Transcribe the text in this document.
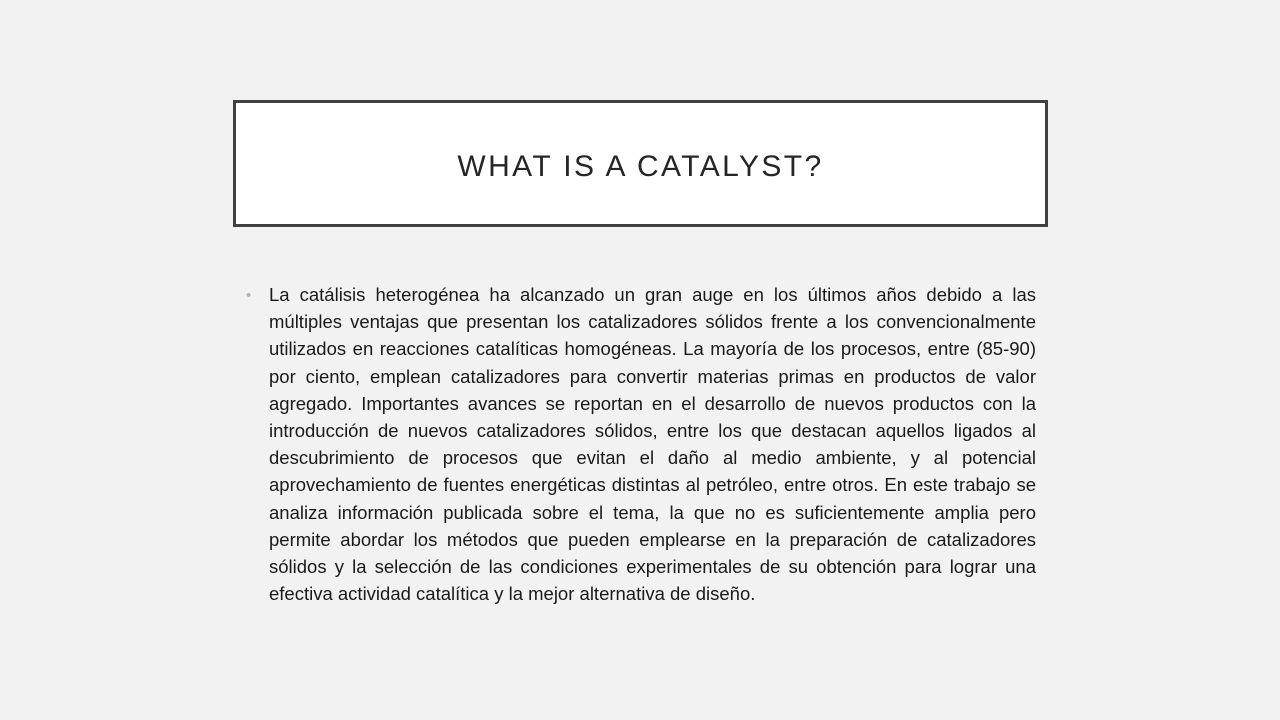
WHAT IS A CATALYST?
• La catálisis heterogénea ha alcanzado un gran auge en los últimos años debido a las múltiples ventajas que presentan los catalizadores sólidos frente a los convencionalmente utilizados en reacciones catalíticas homogéneas. La mayoría de los procesos, entre (85-90) por ciento, emplean catalizadores para convertir materias primas en productos de valor agregado. Importantes avances se reportan en el desarrollo de nuevos productos con la introducción de nuevos catalizadores sólidos, entre los que destacan aquellos ligados al descubrimiento de procesos que evitan el daño al medio ambiente, y al potencial aprovechamiento de fuentes energéticas distintas al petróleo, entre otros. En este trabajo se analiza información publicada sobre el tema, la que no es suficientemente amplia pero permite abordar los métodos que pueden emplearse en la preparación de catalizadores sólidos y la selección de las condiciones experimentales de su obtención para lograr una efectiva actividad catalítica y la mejor alternativa de diseño.
